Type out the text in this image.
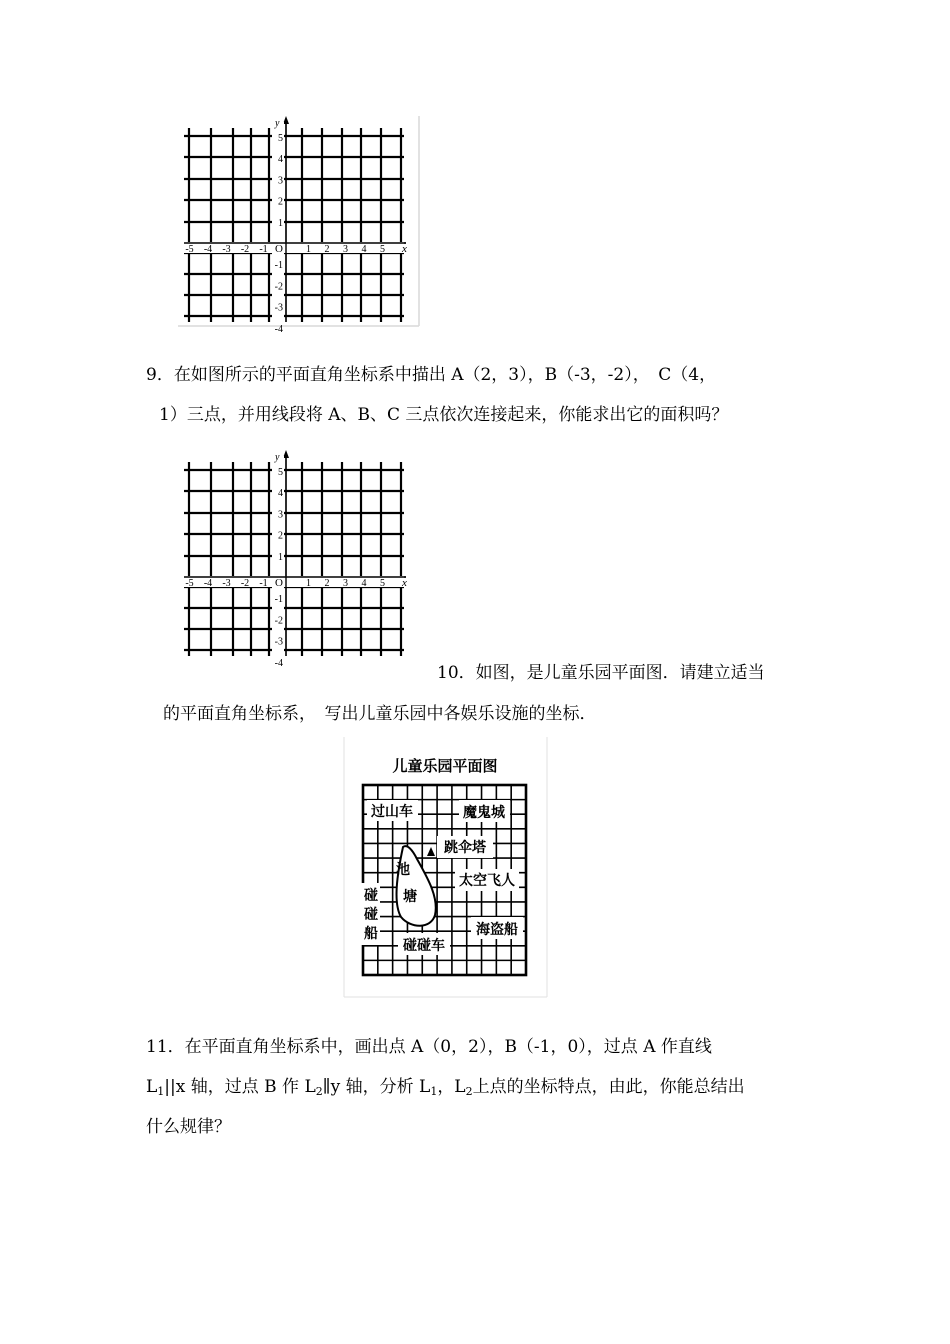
-5 -4 -3 -2 -1	1 2 3 4 5
5
4
3
2
1
-1
-2
-3
-4
O	x
y
9．在如图所示的平面直角坐标系中描出 A（2，3），B（-3，-2），　C（4，
1）三点，并用线段将 A、B、C 三点依次连接起来，你能求出它的面积吗？
-5 -4 -3 -2 -1	1 2 3 4 5
5
4
3
2
1
-1
-2
-3
-4
O	x
y
10．如图，是儿童乐园平面图．请建立适当
的平面直角坐标系，　写出儿童乐园中各娱乐设施的坐标．
儿童乐园平面图
过山车	魔鬼城
跳伞塔
池
塘
太空飞人
碰
碰
船	海盗船
碰碰车
11．在平面直角坐标系中，画出点 A（0，2），B（-1，0），过点 A 作直线
$L_1||x$ 轴，过点 B 作 $L_2\parallel y$ 轴，分析 $L_1$，$L_2$上点的坐标特点，由此，你能总结出
什么规律？
